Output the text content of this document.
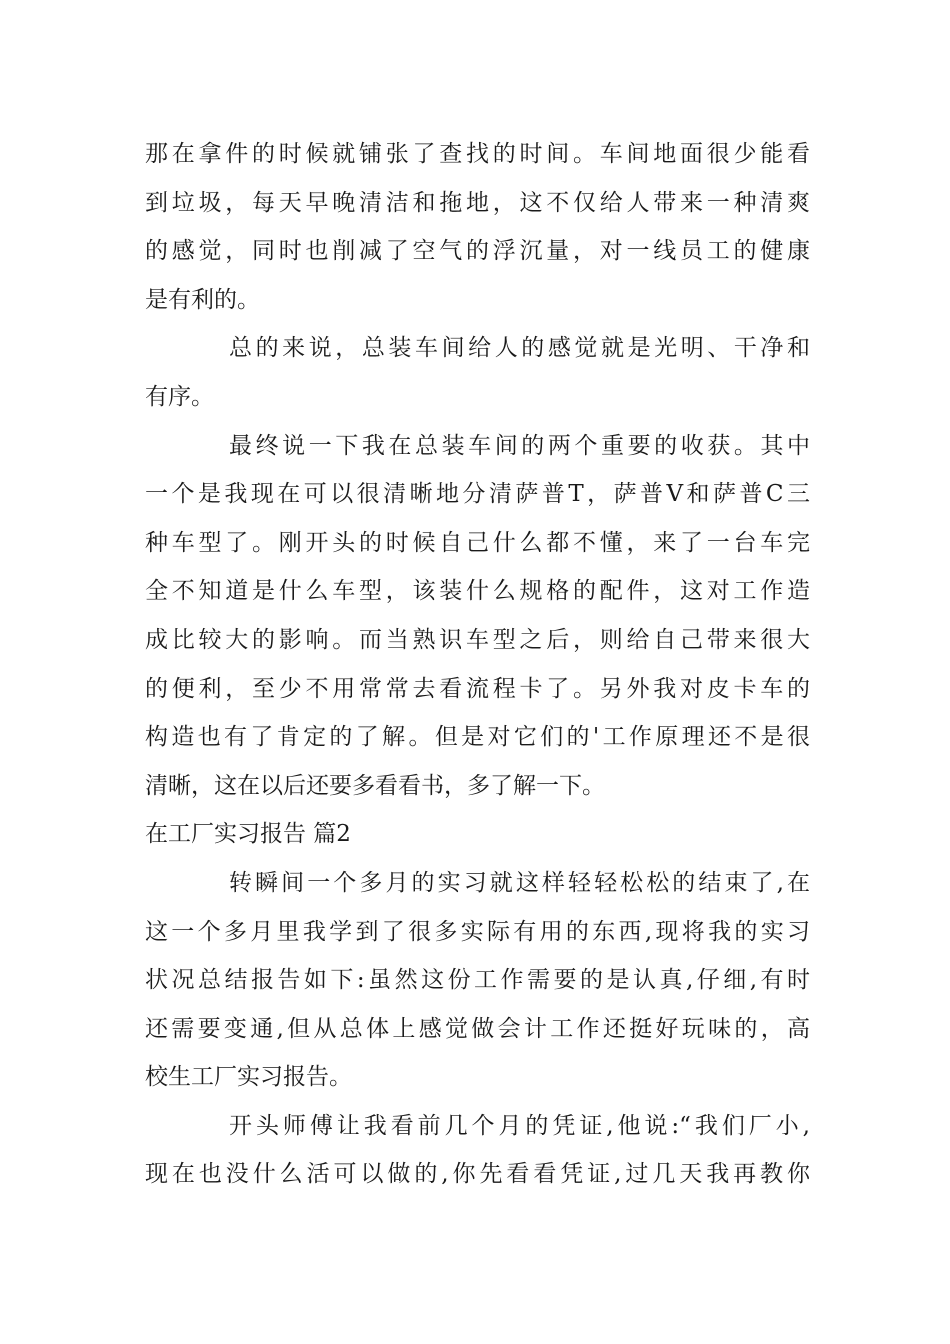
那在拿件的时候就铺张了查找的时间。车间地面很少能看
到垃圾，每天早晚清洁和拖地，这不仅给人带来一种清爽
的感觉，同时也削减了空气的浮沉量，对一线员工的健康
是有利的。
总的来说，总装车间给人的感觉就是光明、干净和
有序。
最终说一下我在总装车间的两个重要的收获。其中
一个是我现在可以很清晰地分清萨普T，萨普V和萨普C三
种车型了。刚开头的时候自己什么都不懂，来了一台车完
全不知道是什么车型，该装什么规格的配件，这对工作造
成比较大的影响。而当熟识车型之后，则给自己带来很大
的便利，至少不用常常去看流程卡了。另外我对皮卡车的
构造也有了肯定的了解。但是对它们的'工作原理还不是很
清晰，这在以后还要多看看书，多了解一下。
在工厂实习报告 篇2
转瞬间一个多月的实习就这样轻轻松松的结束了,在
这一个多月里我学到了很多实际有用的东西,现将我的实习
状况总结报告如下:虽然这份工作需要的是认真,仔细,有时
还需要变通,但从总体上感觉做会计工作还挺好玩味的，高
校生工厂实习报告。
开头师傅让我看前几个月的凭证,他说:“我们厂小,
现在也没什么活可以做的,你先看看凭证,过几天我再教你
